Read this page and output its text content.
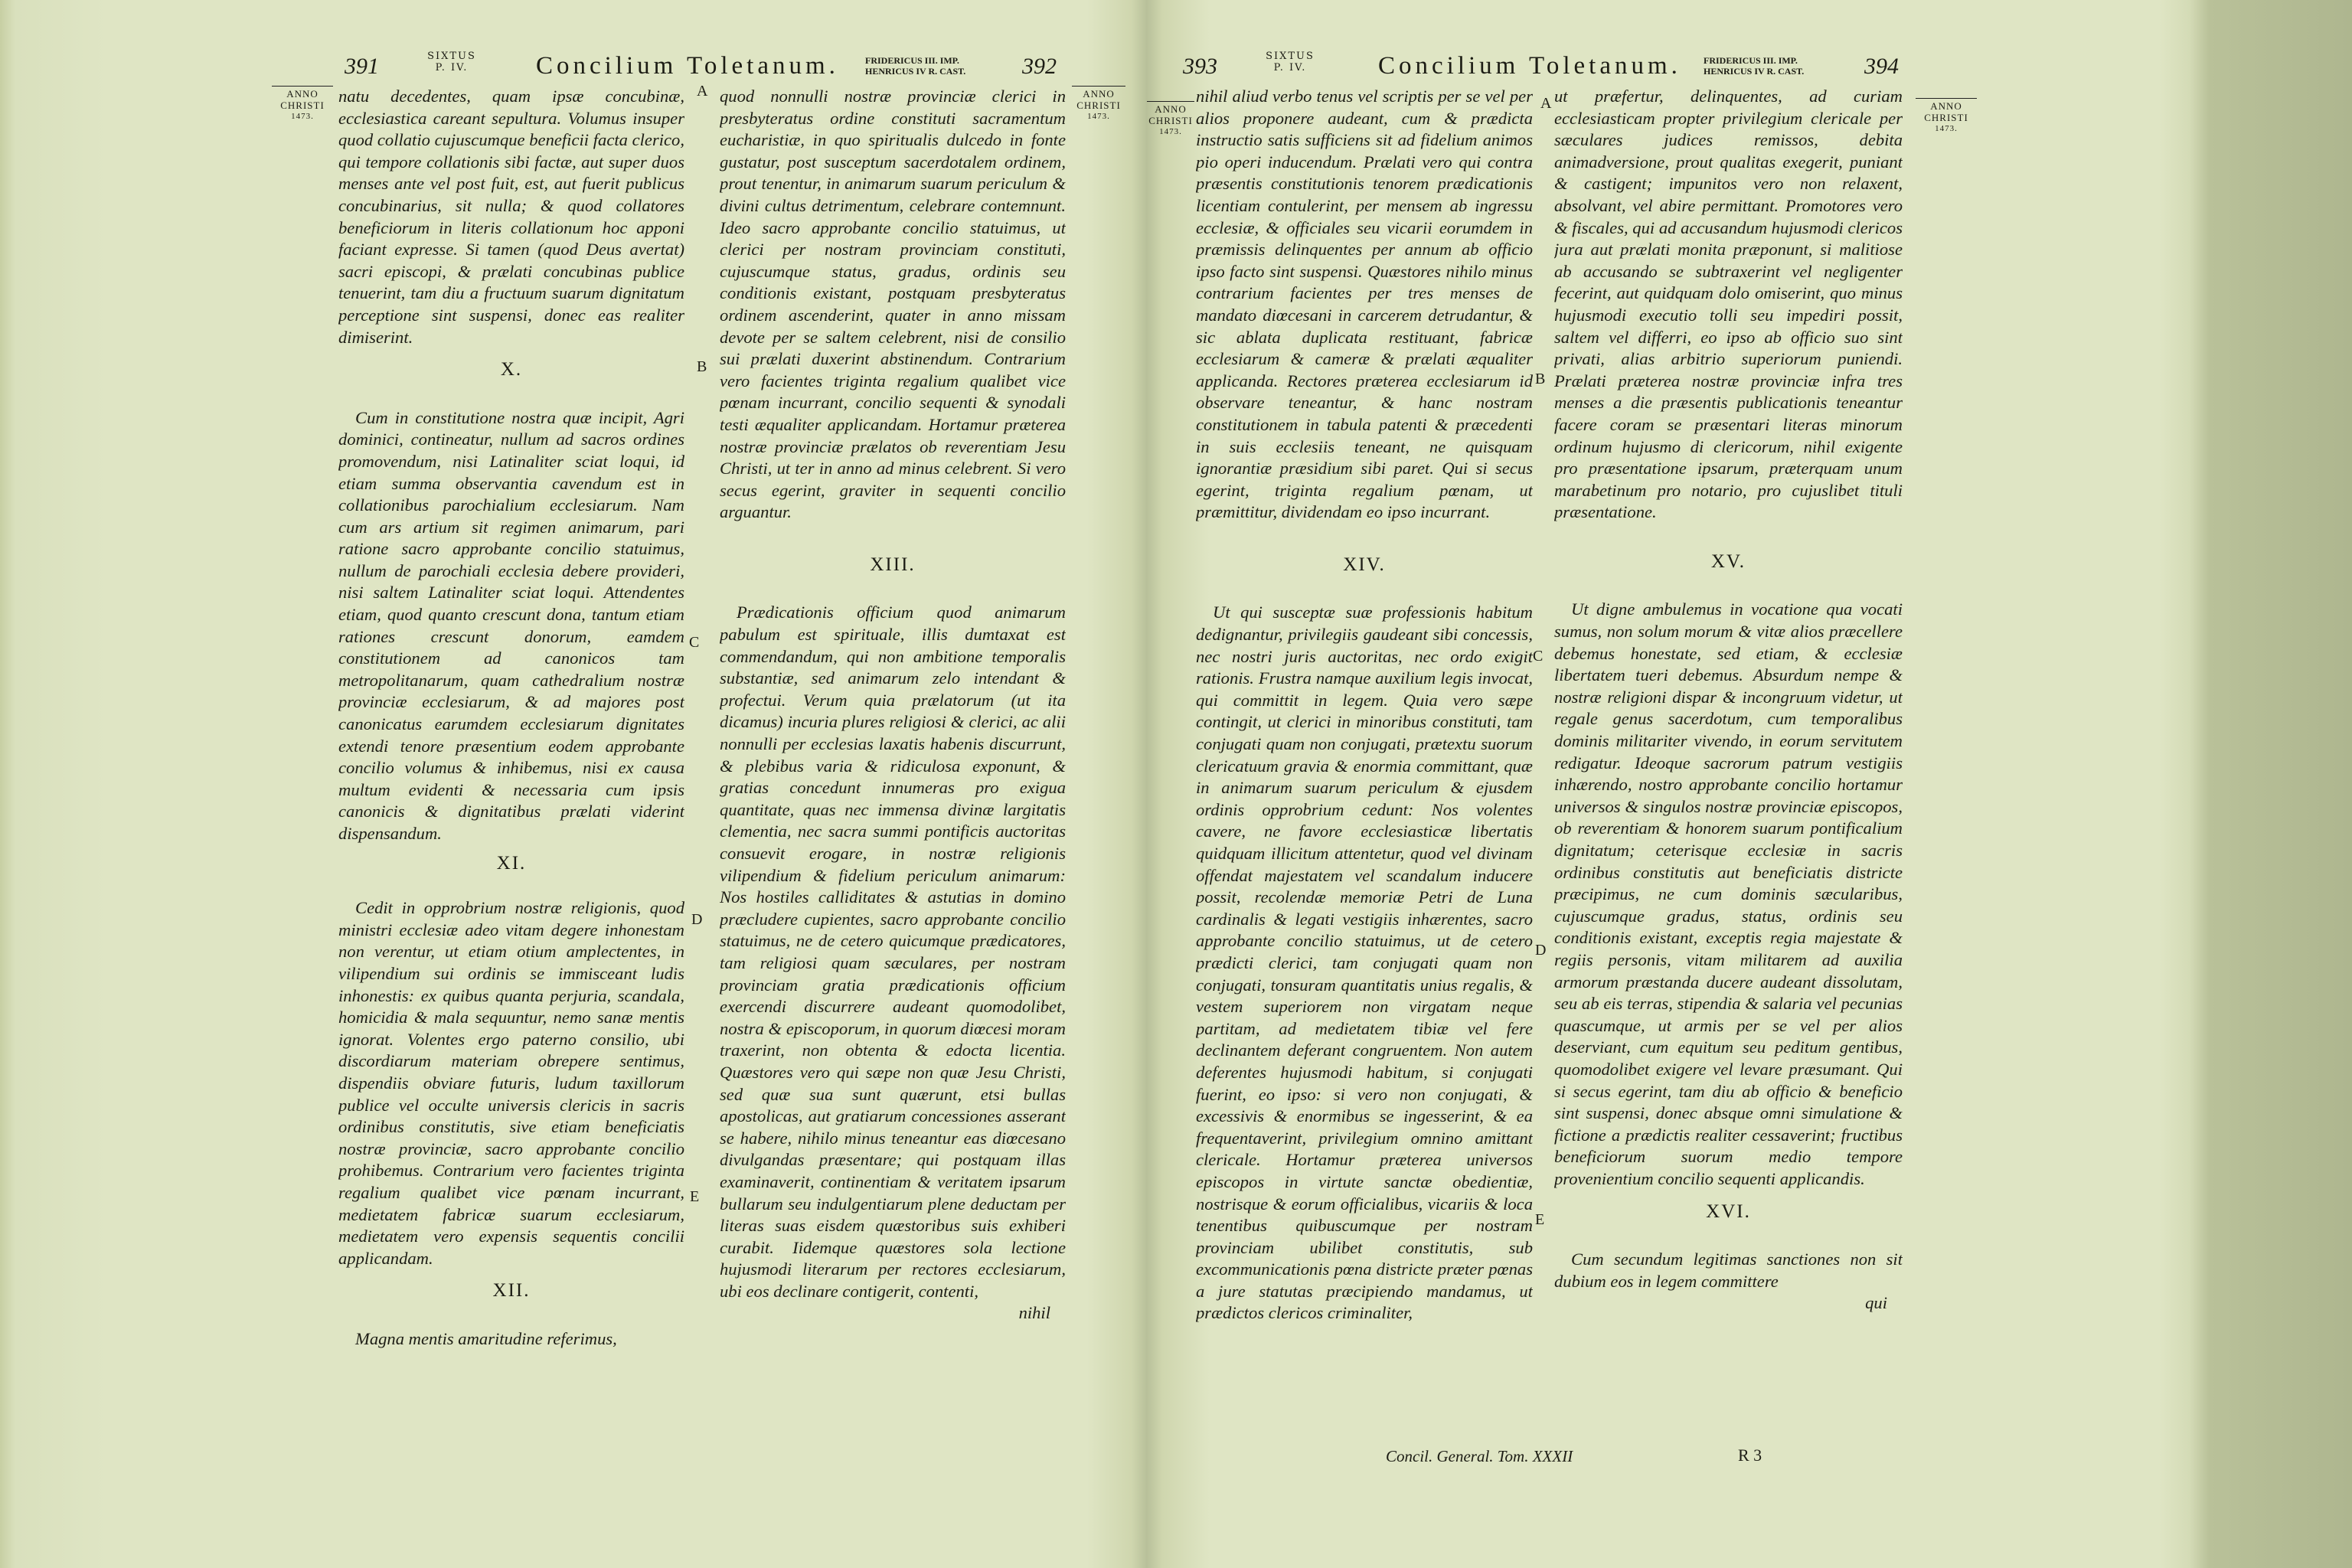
391	SIXTUS
P. IV.	Concilium Toletanum.	FRIDERICUS III. IMP.
HENRICUS IV R. CAST. 392
ANNO
CHRISTI
1473.
ANNO
CHRISTI
1473.
A
B
C
D
E

natu decedentes, quam ipsæ concubinæ, ecclesiastica careant sepultura. Volumus insuper quod collatio cujuscumque beneficii facta clerico, qui tempore collationis sibi factæ, aut super duos menses ante vel post fuit, est, aut fuerit publicus concubinarius, sit nulla; & quod collatores beneficiorum in literis collationum hoc apponi faciant expresse. Si tamen (quod Deus avertat) sacri episcopi, & prælati concubinas publice tenuerint, tam diu a fructuum suarum dignitatum perceptione sint suspensi, donec eas realiter dimiserint.

X.

Cum in constitutione nostra quæ incipit, Agri dominici, contineatur, nullum ad sacros ordines promovendum, nisi Latinaliter sciat loqui, id etiam summa observantia cavendum est in collationibus parochialium ecclesiarum. Nam cum ars artium sit regimen animarum, pari ratione sacro approbante concilio statuimus, nullum de parochiali ecclesia debere provideri, nisi saltem Latinaliter sciat loqui. Attendentes etiam, quod quanto crescunt dona, tantum etiam rationes crescunt donorum, eamdem constitutionem ad canonicos tam metropolitanarum, quam cathedralium nostræ provinciæ ecclesiarum, & ad majores post canonicatus earumdem ecclesiarum dignitates extendi tenore præsentium eodem approbante concilio volumus & inhibemus, nisi ex causa multum evidenti & necessaria cum ipsis canonicis & dignitatibus prælati viderint dispensandum.

XI.

Cedit in opprobrium nostræ religionis, quod ministri ecclesiæ adeo vitam degere inhonestam non verentur, ut etiam otium amplectentes, in vilipendium sui ordinis se immisceant ludis inhonestis: ex quibus quanta perjuria, scandala, homicidia & mala sequuntur, nemo sanæ mentis ignorat. Volentes ergo paterno consilio, ubi discordiarum materiam obrepere sentimus, dispendiis obviare futuris, ludum taxillorum publice vel occulte universis clericis in sacris ordinibus constitutis, sive etiam beneficiatis nostræ provinciæ, sacro approbante concilio prohibemus. Contrarium vero facientes triginta regalium qualibet vice pœnam incurrant, medietatem fabricæ suarum ecclesiarum, medietatem vero expensis sequentis concilii applicandam.

XII.

Magna mentis amaritudine referimus,

quod nonnulli nostræ provinciæ clerici in presbyteratus ordine constituti sacramentum eucharistiæ, in quo spiritualis dulcedo in fonte gustatur, post susceptum sacerdotalem ordinem, prout tenentur, in animarum suarum periculum & divini cultus detrimentum, celebrare contemnunt. Ideo sacro approbante concilio statuimus, ut clerici per nostram provinciam constituti, cujuscumque status, gradus, ordinis seu conditionis existant, postquam presbyteratus ordinem ascenderint, quater in anno missam devote per se saltem celebrent, nisi de consilio sui prælati duxerint abstinendum. Contrarium vero facientes triginta regalium qualibet vice pœnam incurrant, concilio sequenti & synodali testi æqualiter applicandam. Hortamur præterea nostræ provinciæ prælatos ob reverentiam Jesu Christi, ut ter in anno ad minus celebrent. Si vero secus egerint, graviter in sequenti concilio arguantur.

XIII.

Prædicationis officium quod animarum pabulum est spirituale, illis dumtaxat est commendandum, qui non ambitione temporalis substantiæ, sed animarum zelo intendant & profectui. Verum quia prælatorum (ut ita dicamus) incuria plures religiosi & clerici, ac alii nonnulli per ecclesias laxatis habenis discurrunt, & plebibus varia & ridiculosa exponunt, & gratias concedunt innumeras pro exigua quantitate, quas nec immensa divinæ largitatis clementia, nec sacra summi pontificis auctoritas consuevit erogare, in nostræ religionis vilipendium & fidelium periculum animarum: Nos hostiles calliditates & astutias in domino præcludere cupientes, sacro approbante concilio statuimus, ne de cetero quicumque prædicatores, tam religiosi quam sæculares, per nostram provinciam gratia prædicationis officium exercendi discurrere audeant quomodolibet, nostra & episcoporum, in quorum diœcesi moram traxerint, non obtenta & edocta licentia. Quæstores vero qui sæpe non quæ Jesu Christi, sed quæ sua sunt quærunt, etsi bullas apostolicas, aut gratiarum concessiones asserant se habere, nihilo minus teneantur eas diœcesano divulgandas præsentare; qui postquam illas examinaverit, continentiam & veritatem ipsarum bullarum seu indulgentiarum plene deductam per literas suas eisdem quæstoribus suis exhiberi curabit. Iidemque quæstores sola lectione hujusmodi literarum per rectores ecclesiarum, ubi eos declinare contigerit, contenti,

nihil

393	SIXTUS
P. IV.	Concilium Toletanum. FRIDERICUS III. IMP.
HENRICUS IV R. CAST.	394
ANNO
CHRISTI
1473.
ANNO
CHRISTI
1473.
A
B
C
D
E

nihil aliud verbo tenus vel scriptis per se vel per alios proponere audeant, cum & prædicta instructio satis sufficiens sit ad fidelium animos pio operi inducendum. Prælati vero qui contra præsentis constitutionis tenorem prædicationis licentiam contulerint, per mensem ab ingressu ecclesiæ, & officiales seu vicarii eorumdem in præmissis delinquentes per annum ab officio ipso facto sint suspensi. Quæstores nihilo minus contrarium facientes per tres menses de mandato diœcesani in carcerem detrudantur, & sic ablata duplicata restituant, fabricæ ecclesiarum & cameræ & prælati æqualiter applicanda. Rectores præterea ecclesiarum id observare teneantur, & hanc nostram constitutionem in tabula patenti & præcedenti in suis ecclesiis teneant, ne quisquam ignorantiæ præsidium sibi paret. Qui si secus egerint, triginta regalium pœnam, ut præmittitur, dividendam eo ipso incurrant.

XIV.

Ut qui susceptæ suæ professionis habitum dedignantur, privilegiis gaudeant sibi concessis, nec nostri juris auctoritas, nec ordo exigit rationis. Frustra namque auxilium legis invocat, qui committit in legem. Quia vero sæpe contingit, ut clerici in minoribus constituti, tam conjugati quam non conjugati, prætextu suorum clericatuum gravia & enormia committant, quæ in animarum suarum periculum & ejusdem ordinis opprobrium cedunt: Nos volentes cavere, ne favore ecclesiasticæ libertatis quidquam illicitum attentetur, quod vel divinam offendat majestatem vel scandalum inducere possit, recolendæ memoriæ Petri de Luna cardinalis & legati vestigiis inhærentes, sacro approbante concilio statuimus, ut de cetero prædicti clerici, tam conjugati quam non conjugati, tonsuram quantitatis unius regalis, & vestem superiorem non virgatam neque partitam, ad medietatem tibiæ vel fere declinantem deferant congruentem. Non autem deferentes hujusmodi habitum, si conjugati fuerint, eo ipso: si vero non conjugati, & excessivis & enormibus se ingesserint, & ea frequentaverint, privilegium omnino amittant clericale. Hortamur præterea universos episcopos in virtute sanctæ obedientiæ, nostrisque & eorum officialibus, vicariis & loca tenentibus quibuscumque per nostram provinciam ubilibet constitutis, sub excommunicationis pœna districte præter pœnas a jure statutas præcipiendo mandamus, ut prædictos clericos criminaliter,

ut præfertur, delinquentes, ad curiam ecclesiasticam propter privilegium clericale per sæculares judices remissos, debita animadversione, prout qualitas exegerit, puniant & castigent; impunitos vero non relaxent, absolvant, vel abire permittant. Promotores vero & fiscales, qui ad accusandum hujusmodi clericos jura aut prælati monita præponunt, si malitiose ab accusando se subtraxerint vel negligenter fecerint, aut quidquam dolo omiserint, quo minus hujusmodi executio tolli seu impediri possit, saltem vel differri, eo ipso ab officio suo sint privati, alias arbitrio superiorum puniendi. Prælati præterea nostræ provinciæ infra tres menses a die præsentis publicationis teneantur facere coram se præsentari literas minorum ordinum hujusmo di clericorum, nihil exigente pro præsentatione ipsarum, præterquam unum marabetinum pro notario, pro cujuslibet tituli præsentatione.

XV.

Ut digne ambulemus in vocatione qua vocati sumus, non solum morum & vitæ alios præcellere debemus honestate, sed etiam, & ecclesiæ libertatem tueri debemus. Absurdum nempe & nostræ religioni dispar & incongruum videtur, ut regale genus sacerdotum, cum temporalibus dominis militariter vivendo, in eorum servitutem redigatur. Ideoque sacrorum patrum vestigiis inhærendo, nostro approbante concilio hortamur universos & singulos nostræ provinciæ episcopos, ob reverentiam & honorem suarum pontificalium dignitatum; ceterisque ecclesiæ in sacris ordinibus constitutis aut beneficiatis districte præcipimus, ne cum dominis sæcularibus, cujuscumque gradus, status, ordinis seu conditionis existant, exceptis regia majestate & regiis personis, vitam militarem ad auxilia armorum præstanda ducere audeant dissolutam, seu ab eis terras, stipendia & salaria vel pecunias quascumque, ut armis per se vel per alios deserviant, cum equitum seu peditum gentibus, quomodolibet exigere vel levare præsumant. Qui si secus egerint, tam diu ab officio & beneficio sint suspensi, donec absque omni simulatione & fictione a prædictis realiter cessaverint; fructibus beneficiorum suorum medio tempore provenientium concilio sequenti applicandis.

XVI.

Cum secundum legitimas sanctiones non sit dubium eos in legem committere

qui

Concil. General. Tom. XXXII	R 3
